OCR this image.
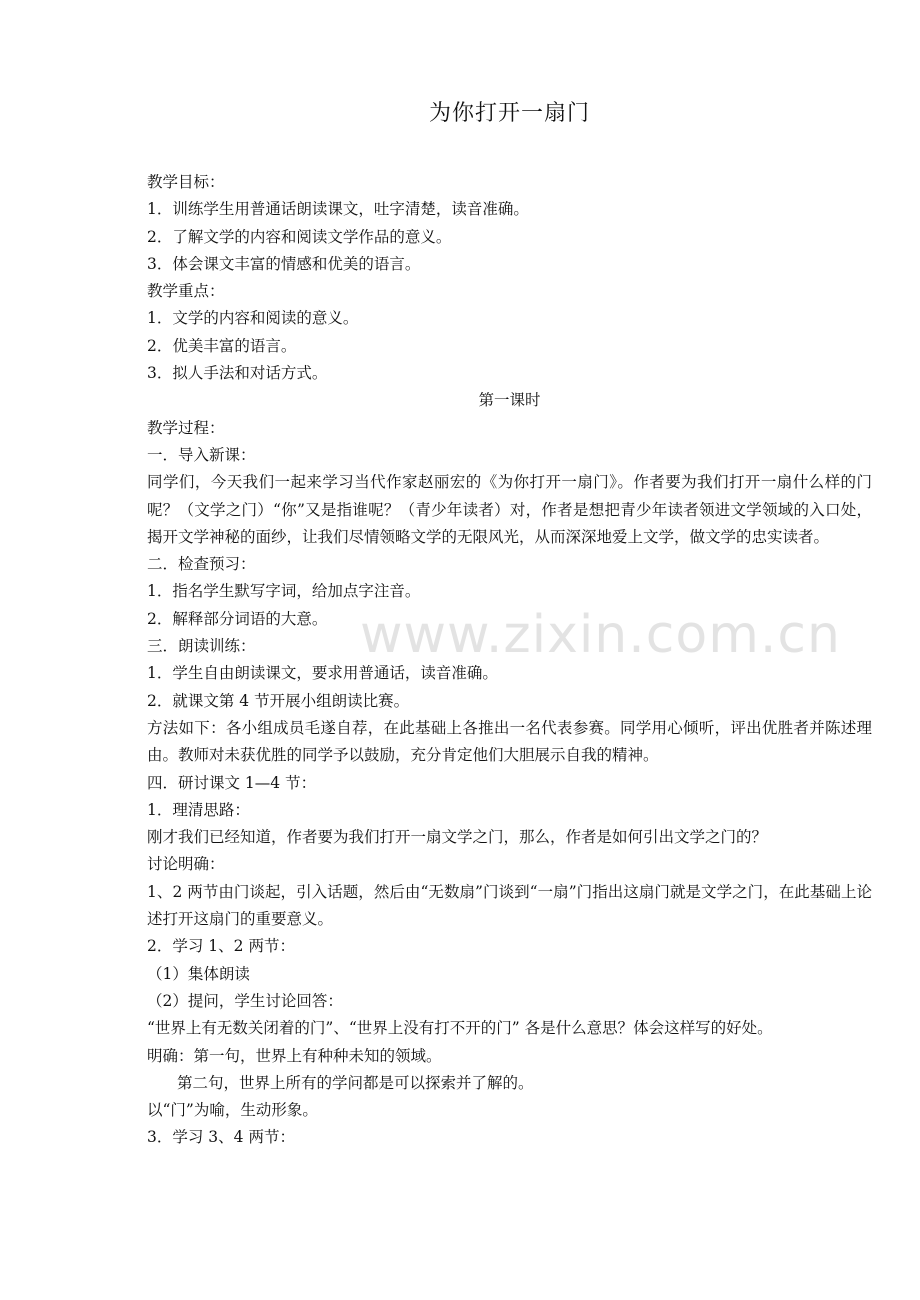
www.zixin.com.cn
为你打开一扇门

教学目标：

1．训练学生用普通话朗读课文，吐字清楚，读音准确。

2．了解文学的内容和阅读文学作品的意义。

3．体会课文丰富的情感和优美的语言。

教学重点：

1．文学的内容和阅读的意义。

2．优美丰富的语言。

3．拟人手法和对话方式。

第一课时

教学过程：

一．导入新课：

同学们，今天我们一起来学习当代作家赵丽宏的《为你打开一扇门》。作者要为我们打开一扇什么样的门呢？（文学之门）“你”又是指谁呢？（青少年读者）对，作者是想把青少年读者领进文学领域的入口处，揭开文学神秘的面纱，让我们尽情领略文学的无限风光，从而深深地爱上文学，做文学的忠实读者。

二．检查预习：

1．指名学生默写字词，给加点字注音。

2．解释部分词语的大意。

三．朗读训练：

1．学生自由朗读课文，要求用普通话，读音准确。

2．就课文第 4 节开展小组朗读比赛。

方法如下：各小组成员毛遂自荐，在此基础上各推出一名代表参赛。同学用心倾听，评出优胜者并陈述理由。教师对未获优胜的同学予以鼓励，充分肯定他们大胆展示自我的精神。

四．研讨课文 1—4 节：

1．理清思路：

刚才我们已经知道，作者要为我们打开一扇文学之门，那么，作者是如何引出文学之门的？

讨论明确：

1、2 两节由门谈起，引入话题，然后由“无数扇”门谈到“一扇”门指出这扇门就是文学之门，在此基础上论述打开这扇门的重要意义。

2．学习 1、2 两节：

（1）集体朗读

（2）提问，学生讨论回答：

“世界上有无数关闭着的门”、“世界上没有打不开的门” 各是什么意思？体会这样写的好处。

明确：第一句，世界上有种种未知的领域。

第二句，世界上所有的学问都是可以探索并了解的。

以“门”为喻，生动形象。

3．学习 3、4 两节：
